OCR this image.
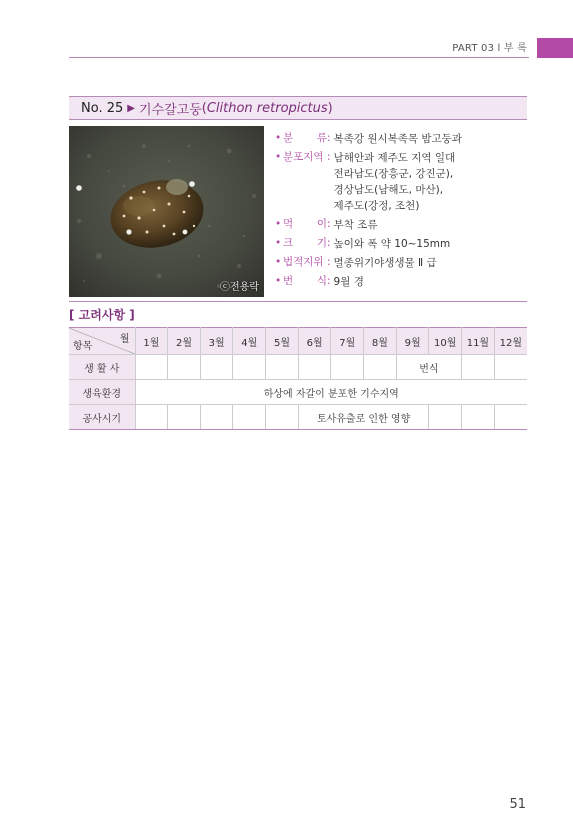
PART 03 l 부 록
No. 25 ▶ 기수갈고둥 ( Clithon retropictus )
ⓒ전용락
• 분 류 : 복족강 원시복족목 밤고둥과
• 분포지역 : 남해안과 제주도 지역 일대
전라남도(장흥군, 강진군),
경상남도(남해도, 마산),
제주도(강정, 조천)
• 먹 이 : 부착 조류
• 크 기 : 높이와 폭 약 10~15mm
• 법적지위 : 멸종위기야생생물 Ⅱ 급
• 번 식 : 9월 경
[ 고려사항 ]
월
항목	1월	2월	3월	4월	5월	6월	7월	8월	9월	10월	11월	12월
생 활 사									번식			
생육환경	하상에 자갈이 분포한 기수지역											
공사시기						토사유출로 인한 영향						
51
